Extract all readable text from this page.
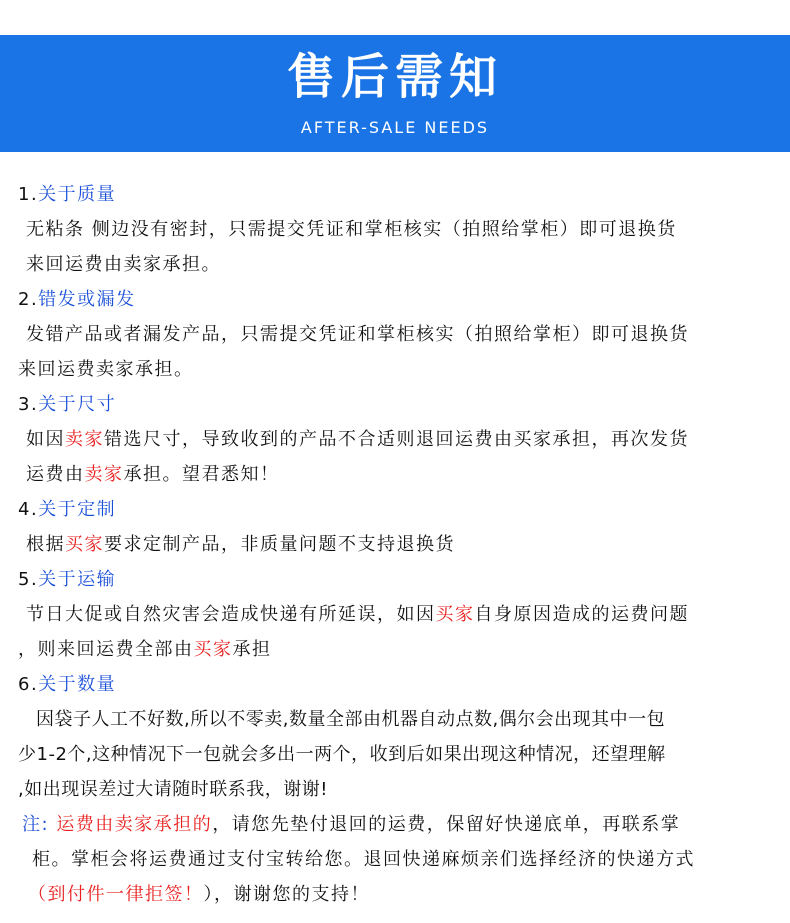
售后需知
AFTER-SALE NEEDS
1.关于质量
无粘条 侧边没有密封，只需提交凭证和掌柜核实（拍照给掌柜）即可退换货
来回运费由卖家承担。
2.错发或漏发
发错产品或者漏发产品，只需提交凭证和掌柜核实（拍照给掌柜）即可退换货
来回运费卖家承担。
3.关于尺寸
如因卖家错选尺寸，导致收到的产品不合适则退回运费由买家承担，再次发货
运费由卖家承担。望君悉知！
4.关于定制
根据买家要求定制产品，非质量问题不支持退换货
5.关于运输
节日大促或自然灾害会造成快递有所延误，如因买家自身原因造成的运费问题
，则来回运费全部由买家承担
6.关于数量
因袋子人工不好数,所以不零卖,数量全部由机器自动点数,偶尔会出现其中一包
少1-2个,这种情况下一包就会多出一两个，收到后如果出现这种情况，还望理解
,如出现误差过大请随时联系我，谢谢!
注: 运费由卖家承担的，请您先垫付退回的运费，保留好快递底单，再联系掌
柜。掌柜会将运费通过支付宝转给您。退回快递麻烦亲们选择经济的快递方式
（到付件一律拒签！），谢谢您的支持！
